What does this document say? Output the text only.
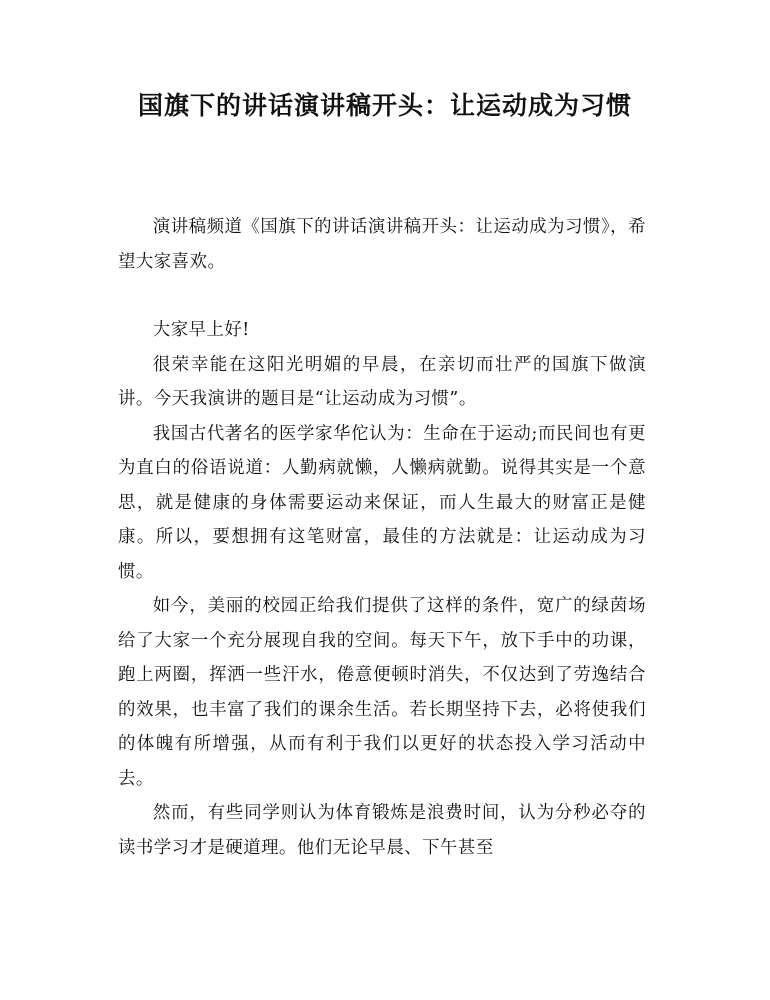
国旗下的讲话演讲稿开头：让运动成为习惯

演讲稿频道《国旗下的讲话演讲稿开头：让运动成为习惯》，希望大家喜欢。

大家早上好!

很荣幸能在这阳光明媚的早晨，在亲切而壮严的国旗下做演讲。今天我演讲的题目是“让运动成为习惯”。

我国古代著名的医学家华佗认为：生命在于运动;而民间也有更为直白的俗语说道：人勤病就懒，人懒病就勤。说得其实是一个意思，就是健康的身体需要运动来保证，而人生最大的财富正是健康。所以，要想拥有这笔财富，最佳的方法就是：让运动成为习惯。

如今，美丽的校园正给我们提供了这样的条件，宽广的绿茵场给了大家一个充分展现自我的空间。每天下午，放下手中的功课，跑上两圈，挥洒一些汗水，倦意便顿时消失，不仅达到了劳逸结合的效果，也丰富了我们的课余生活。若长期坚持下去，必将使我们的体魄有所增强，从而有利于我们以更好的状态投入学习活动中去。

然而，有些同学则认为体育锻炼是浪费时间，认为分秒必夺的读书学习才是硬道理。他们无论早晨、下午甚至
